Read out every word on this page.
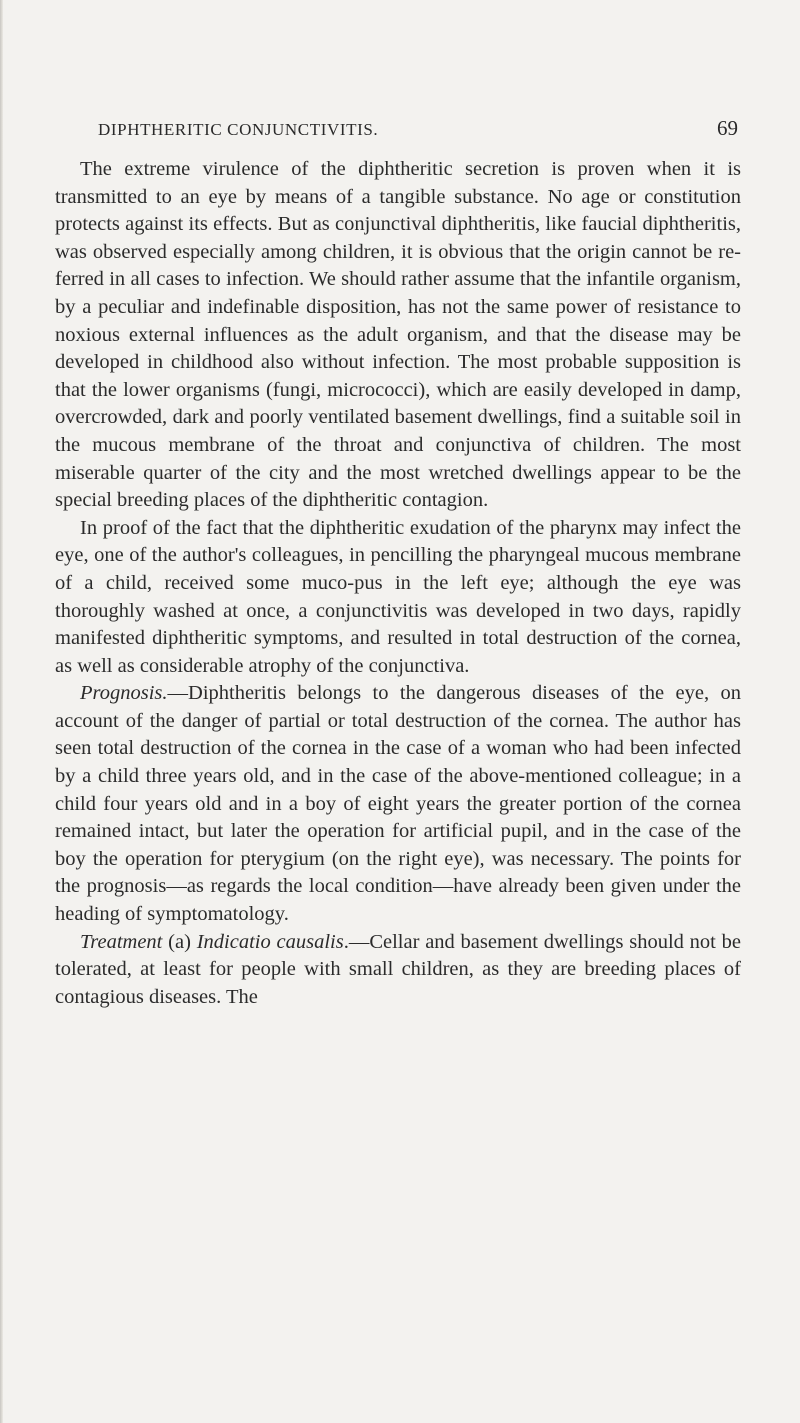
DIPHTHERITIC CONJUNCTIVITIS.	69

The extreme virulence of the diphtheritic secretion is proven when it is transmitted to an eye by means of a tangible substance. No age or constitution protects against its effects. But as conjunctival diphtheritis, like faucial diphtheritis, was observed especially among children, it is obvious that the origin cannot be referred in all cases to infection. We should rather assume that the infantile organism, by a peculiar and indefinable disposition, has not the same power of resistance to noxious external influences as the adult organism, and that the disease may be developed in childhood also without infection. The most probable supposition is that the lower organisms (fungi, micrococci), which are easily developed in damp, overcrowded, dark and poorly ventilated basement dwellings, find a suitable soil in the mucous membrane of the throat and conjunctiva of children. The most miserable quarter of the city and the most wretched dwellings appear to be the special breeding places of the diphtheritic contagion.

In proof of the fact that the diphtheritic exudation of the pharynx may infect the eye, one of the author's colleagues, in pencilling the pharyngeal mucous membrane of a child, received some muco-pus in the left eye; although the eye was thoroughly washed at once, a conjunctivitis was developed in two days, rapidly manifested diphtheritic symptoms, and resulted in total destruction of the cornea, as well as considerable atrophy of the conjunctiva.

Prognosis.—Diphtheritis belongs to the dangerous diseases of the eye, on account of the danger of partial or total destruction of the cornea. The author has seen total destruction of the cornea in the case of a woman who had been infected by a child three years old, and in the case of the above-mentioned colleague; in a child four years old and in a boy of eight years the greater portion of the cornea remained intact, but later the operation for artificial pupil, and in the case of the boy the operation for pterygium (on the right eye), was necessary. The points for the prognosis—as regards the local condition—have already been given under the heading of symptomatology.

Treatment (a) Indicatio causalis.—Cellar and basement dwellings should not be tolerated, at least for people with small children, as they are breeding places of contagious diseases. The
